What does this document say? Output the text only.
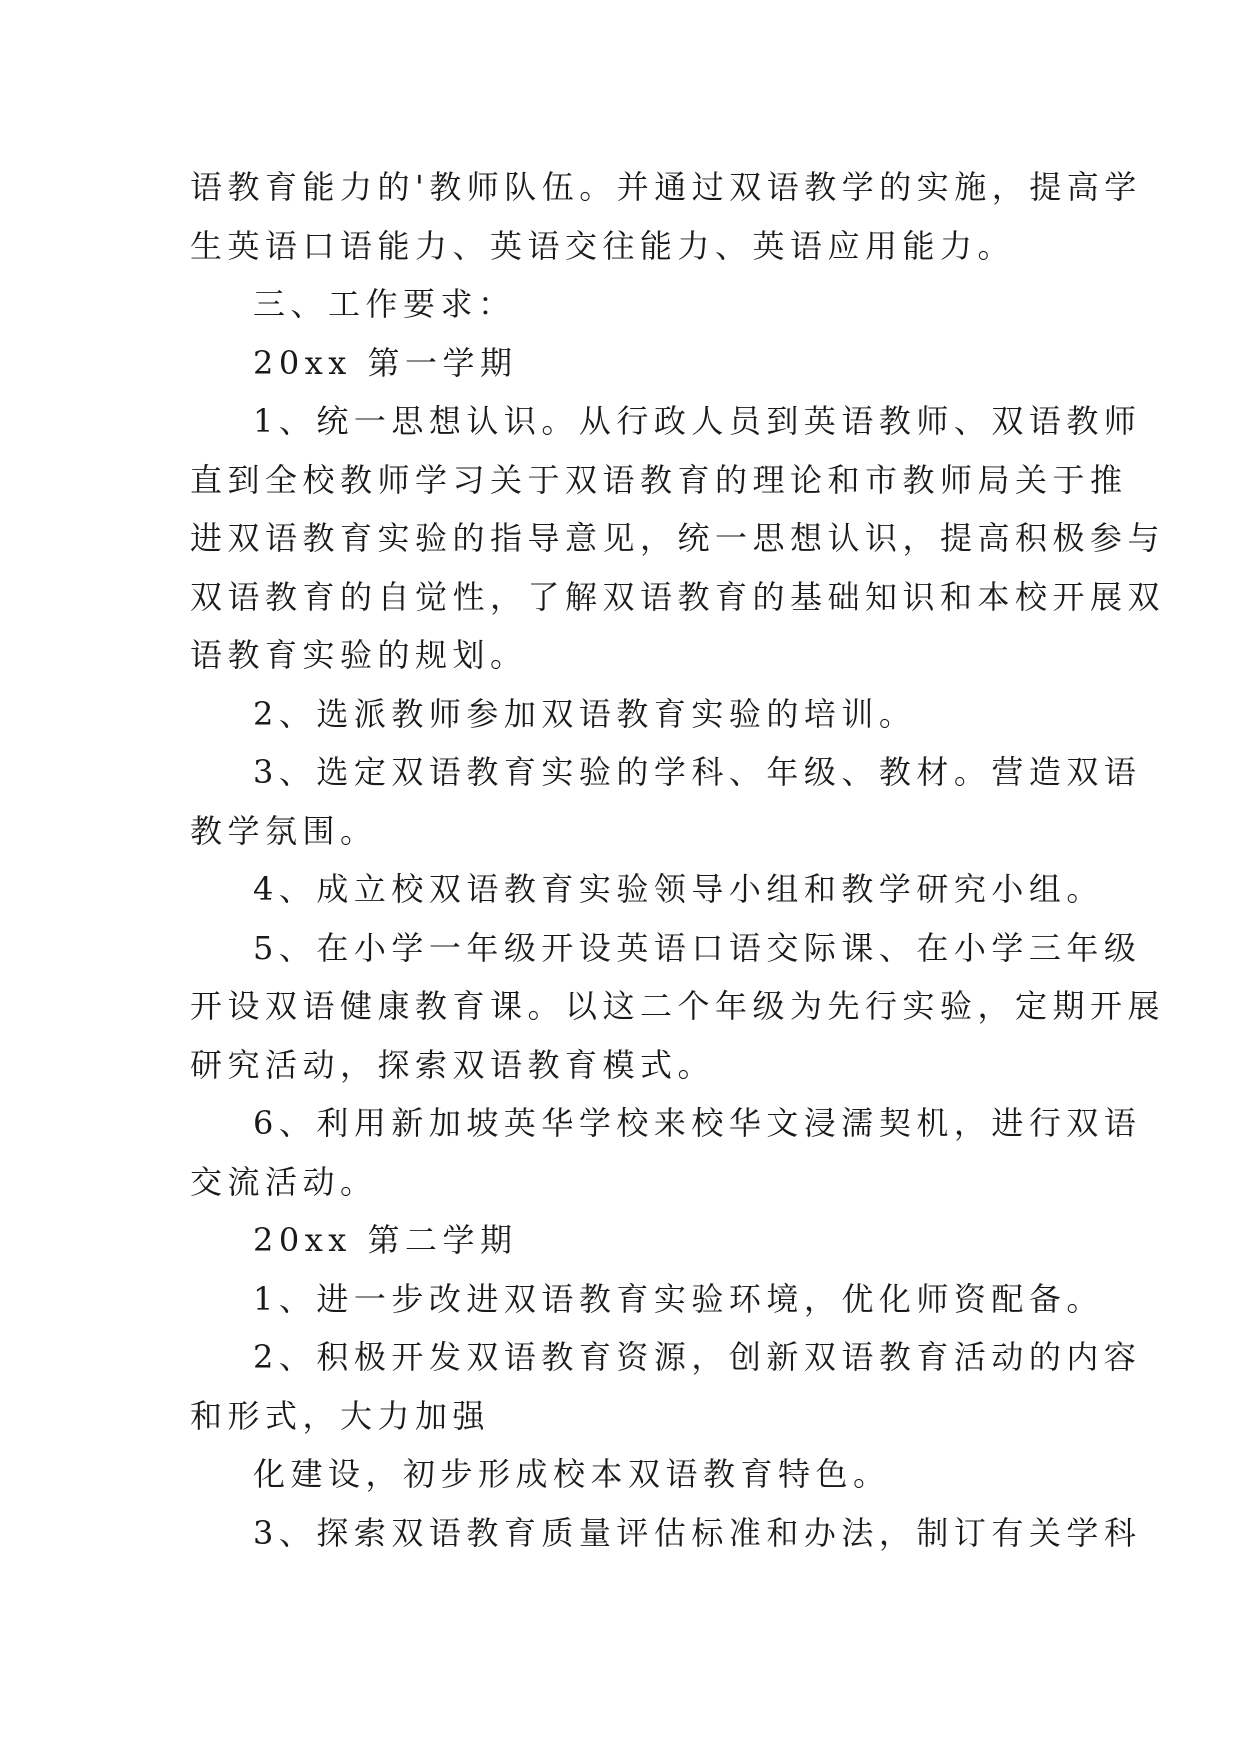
语教育能力的'教师队伍。并通过双语教学的实施，提高学
生英语口语能力、英语交往能力、英语应用能力。
三、工作要求：
20xx 第一学期
1、统一思想认识。从行政人员到英语教师、双语教师
直到全校教师学习关于双语教育的理论和市教师局关于推
进双语教育实验的指导意见，统一思想认识，提高积极参与
双语教育的自觉性，了解双语教育的基础知识和本校开展双
语教育实验的规划。
2、选派教师参加双语教育实验的培训。
3、选定双语教育实验的学科、年级、教材。营造双语
教学氛围。
4、成立校双语教育实验领导小组和教学研究小组。
5、在小学一年级开设英语口语交际课、在小学三年级
开设双语健康教育课。以这二个年级为先行实验，定期开展
研究活动，探索双语教育模式。
6、利用新加坡英华学校来校华文浸濡契机，进行双语
交流活动。
20xx 第二学期
1、进一步改进双语教育实验环境，优化师资配备。
2、积极开发双语教育资源，创新双语教育活动的内容
和形式，大力加强
化建设，初步形成校本双语教育特色。
3、探索双语教育质量评估标准和办法，制订有关学科
